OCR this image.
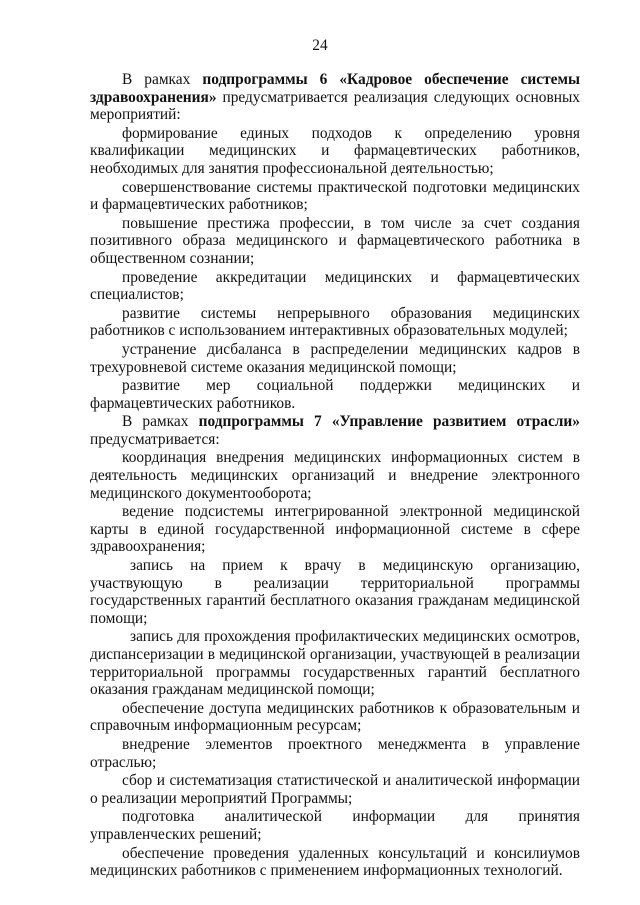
24

В рамках подпрограммы 6 «Кадровое обеспечение системы здравоохранения» предусматривается реализация следующих основных мероприятий:

формирование единых подходов к определению уровня квалификации медицинских и фармацевтических работников, необходимых для занятия профессиональной деятельностью;

совершенствование системы практической подготовки медицинских и фармацевтических работников;

повышение престижа профессии, в том числе за счет создания позитивного образа медицинского и фармацевтического работника в общественном сознании;

проведение аккредитации медицинских и фармацевтических специалистов;

развитие системы непрерывного образования медицинских работников с использованием интерактивных образовательных модулей;

устранение дисбаланса в распределении медицинских кадров в трехуровневой системе оказания медицинской помощи;

развитие мер социальной поддержки медицинских и фармацевтических работников.

В рамках подпрограммы 7 «Управление развитием отрасли» предусматривается:

координация внедрения медицинских информационных систем в деятельность медицинских организаций и внедрение электронного медицинского документооборота;

ведение подсистемы интегрированной электронной медицинской карты в единой государственной информационной системе в сфере здравоохранения;

запись на прием к врачу в медицинскую организацию, участвующую в реализации территориальной программы государственных гарантий бесплатного оказания гражданам медицинской помощи;

запись для прохождения профилактических медицинских осмотров, диспансеризации в медицинской организации, участвующей в реализации территориальной программы государственных гарантий бесплатного оказания гражданам медицинской помощи;

обеспечение доступа медицинских работников к образовательным и справочным информационным ресурсам;

внедрение элементов проектного менеджмента в управление отраслью;

сбор и систематизация статистической и аналитической информации о реализации мероприятий Программы;

подготовка аналитической информации для принятия управленческих решений;

обеспечение проведения удаленных консультаций и консилиумов медицинских работников с применением информационных технологий.
